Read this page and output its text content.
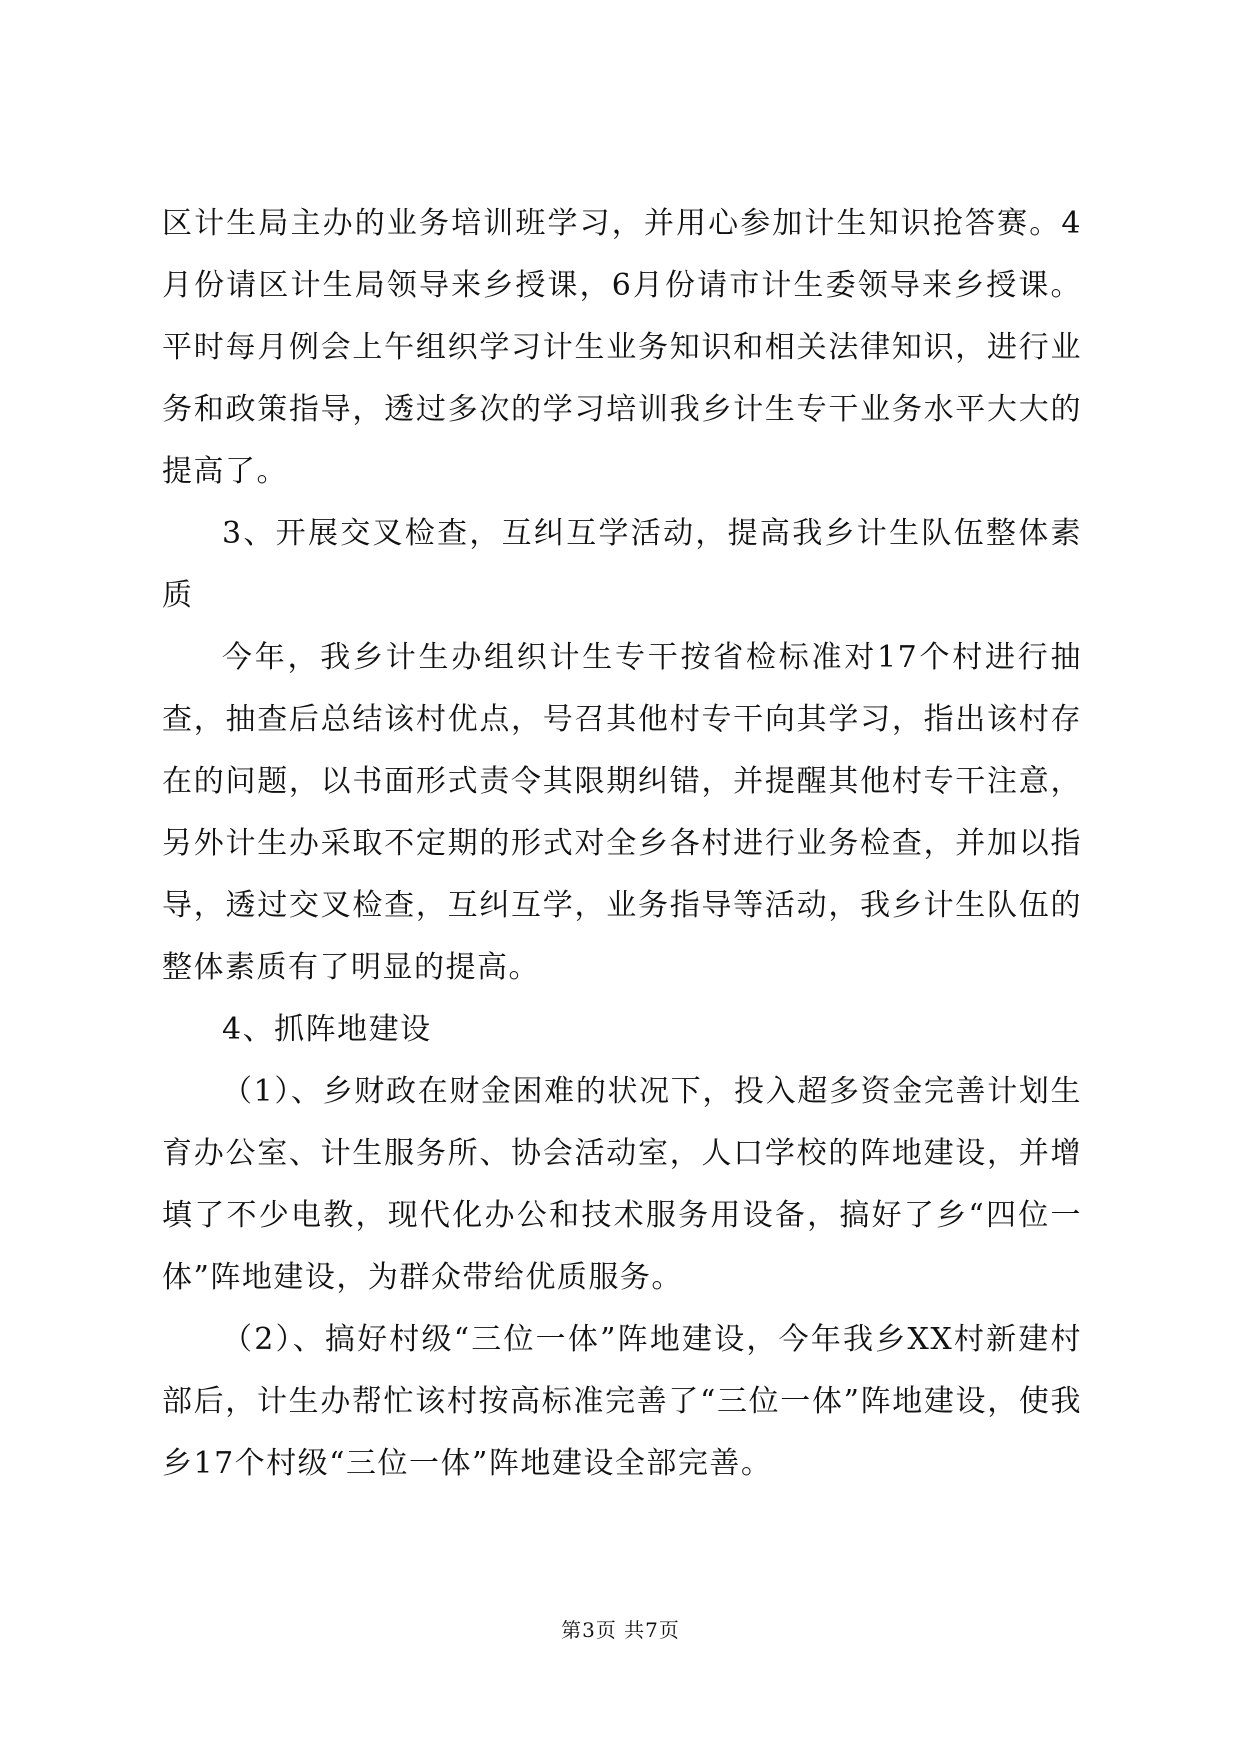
区计生局主办的业务培训班学习，并用心参加计生知识抢答赛。4月份请区计生局领导来乡授课，6月份请市计生委领导来乡授课。平时每月例会上午组织学习计生业务知识和相关法律知识，进行业务和政策指导，透过多次的学习培训我乡计生专干业务水平大大的提高了。

3、开展交叉检查，互纠互学活动，提高我乡计生队伍整体素质

今年，我乡计生办组织计生专干按省检标准对17个村进行抽查，抽查后总结该村优点，号召其他村专干向其学习，指出该村存在的问题，以书面形式责令其限期纠错，并提醒其他村专干注意，另外计生办采取不定期的形式对全乡各村进行业务检查，并加以指导，透过交叉检查，互纠互学，业务指导等活动，我乡计生队伍的整体素质有了明显的提高。

4、抓阵地建设

（1）、乡财政在财金困难的状况下，投入超多资金完善计划生育办公室、计生服务所、协会活动室，人口学校的阵地建设，并增填了不少电教，现代化办公和技术服务用设备，搞好了乡“四位一体”阵地建设，为群众带给优质服务。

（2）、搞好村级“三位一体”阵地建设，今年我乡XX村新建村部后，计生办帮忙该村按高标准完善了“三位一体”阵地建设，使我乡17个村级“三位一体”阵地建设全部完善。

第3页 共7页
